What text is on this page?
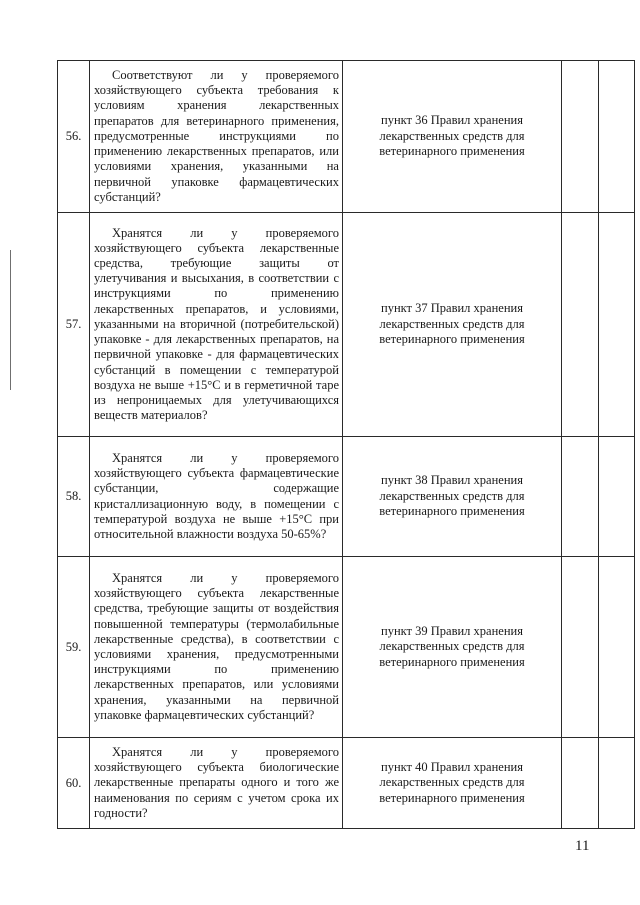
56.	Соответствуют ли у проверяемого хозяйствующего субъекта требования к условиям хранения лекарственных препаратов для ветеринарного применения, предусмотренные инструкциями по применению лекарственных препаратов, или условиями хранения, указанными на первичной упаковке фармацевтических субстанций?	пункт 36 Правил хранения лекарственных средств для ветеринарного применения		
57.	Хранятся ли у проверяемого хозяйствующего субъекта лекарственные средства, требующие защиты от улетучивания и высыхания, в соответствии с инструкциями по применению лекарственных препаратов, и условиями, указанными на вторичной (потребительской) упаковке - для лекарственных препаратов, на первичной упаковке - для фармацевтических субстанций в помещении с температурой воздуха не выше +15°С и в герметичной таре из непроницаемых для улетучивающихся веществ материалов?	пункт 37 Правил хранения лекарственных средств для ветеринарного применения		
58.	Хранятся ли у проверяемого хозяйствующего субъекта фармацевтические субстанции, содержащие кристаллизационную воду, в помещении с температурой воздуха не выше +15°С при относительной влажности воздуха 50-65%?	пункт 38 Правил хранения лекарственных средств для ветеринарного применения		
59.	Хранятся ли у проверяемого хозяйствующего субъекта лекарственные средства, требующие защиты от воздействия повышенной температуры (термолабильные лекарственные средства), в соответствии с условиями хранения, предусмотренными инструкциями по применению лекарственных препаратов, или условиями хранения, указанными на первичной упаковке фармацевтических субстанций?	пункт 39 Правил хранения лекарственных средств для ветеринарного применения		
60.	Хранятся ли у проверяемого хозяйствующего субъекта биологические лекарственные препараты одного и того же наименования по сериям с учетом срока их годности?	пункт 40 Правил хранения лекарственных средств для ветеринарного применения		
11
